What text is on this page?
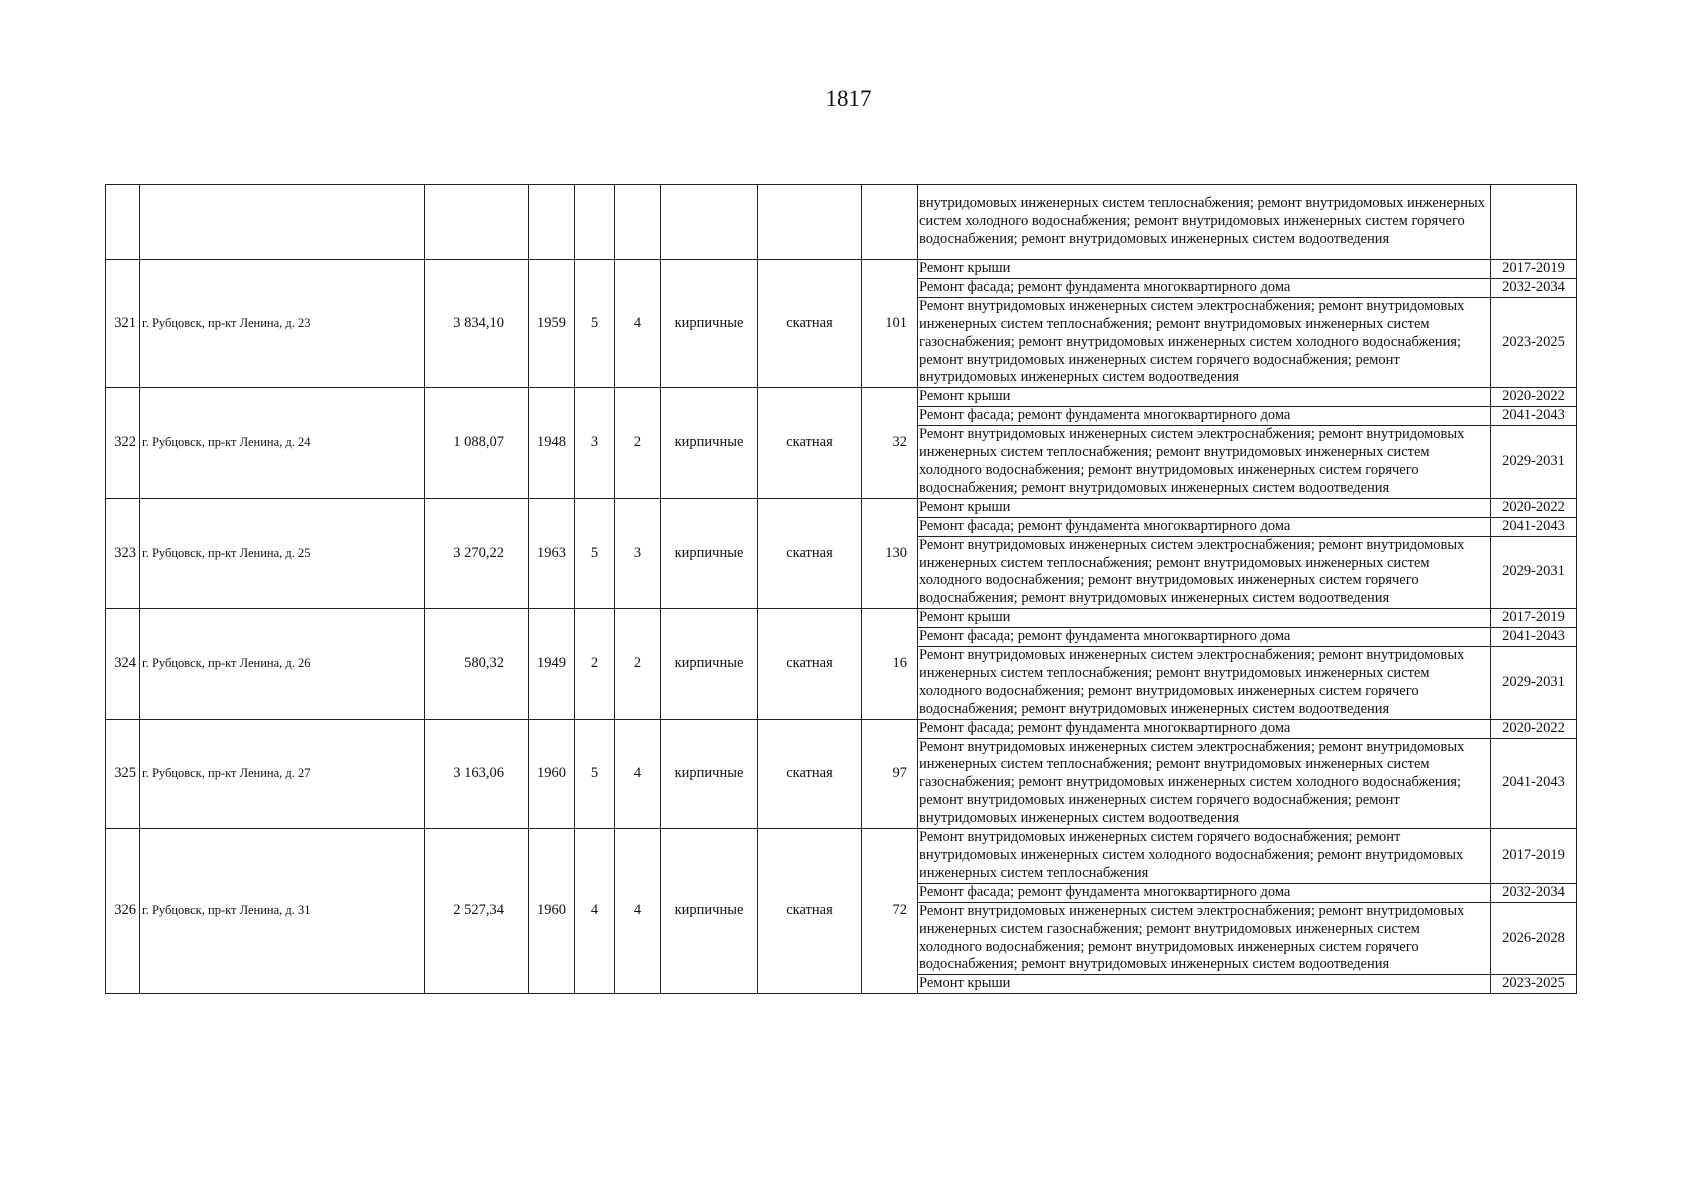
1817
									внутридомовых инженерных систем теплоснабжения; ремонт внутридомовых инженерных систем холодного водоснабжения; ремонт внутридомовых инженерных систем горячего водоснабжения; ремонт внутридомовых инженерных систем водоотведения	
321	г. Рубцовск, пр-кт Ленина, д. 23	3 834,10	1959	5	4	кирпичные	скатная	101	Ремонт крыши	2017-2019
									Ремонт фасада; ремонт фундамента многоквартирного дома	2032-2034
									Ремонт внутридомовых инженерных систем электроснабжения; ремонт внутридомовых инженерных систем теплоснабжения; ремонт внутридомовых инженерных систем газоснабжения; ремонт внутридомовых инженерных систем холодного водоснабжения; ремонт внутридомовых инженерных систем горячего водоснабжения; ремонт внутридомовых инженерных систем водоотведения	2023-2025
322	г. Рубцовск, пр-кт Ленина, д. 24	1 088,07	1948	3	2	кирпичные	скатная	32	Ремонт крыши	2020-2022
									Ремонт фасада; ремонт фундамента многоквартирного дома	2041-2043
									Ремонт внутридомовых инженерных систем электроснабжения; ремонт внутридомовых инженерных систем теплоснабжения; ремонт внутридомовых инженерных систем холодного водоснабжения; ремонт внутридомовых инженерных систем горячего водоснабжения; ремонт внутридомовых инженерных систем водоотведения	2029-2031
323	г. Рубцовск, пр-кт Ленина, д. 25	3 270,22	1963	5	3	кирпичные	скатная	130	Ремонт крыши	2020-2022
									Ремонт фасада; ремонт фундамента многоквартирного дома	2041-2043
									Ремонт внутридомовых инженерных систем электроснабжения; ремонт внутридомовых инженерных систем теплоснабжения; ремонт внутридомовых инженерных систем холодного водоснабжения; ремонт внутридомовых инженерных систем горячего водоснабжения; ремонт внутридомовых инженерных систем водоотведения	2029-2031
324	г. Рубцовск, пр-кт Ленина, д. 26	580,32	1949	2	2	кирпичные	скатная	16	Ремонт крыши	2017-2019
									Ремонт фасада; ремонт фундамента многоквартирного дома	2041-2043
									Ремонт внутридомовых инженерных систем электроснабжения; ремонт внутридомовых инженерных систем теплоснабжения; ремонт внутридомовых инженерных систем холодного водоснабжения; ремонт внутридомовых инженерных систем горячего водоснабжения; ремонт внутридомовых инженерных систем водоотведения	2029-2031
325	г. Рубцовск, пр-кт Ленина, д. 27	3 163,06	1960	5	4	кирпичные	скатная	97	Ремонт фасада; ремонт фундамента многоквартирного дома	2020-2022
									Ремонт внутридомовых инженерных систем электроснабжения; ремонт внутридомовых инженерных систем теплоснабжения; ремонт внутридомовых инженерных систем газоснабжения; ремонт внутридомовых инженерных систем холодного водоснабжения; ремонт внутридомовых инженерных систем горячего водоснабжения; ремонт внутридомовых инженерных систем водоотведения	2041-2043
326	г. Рубцовск, пр-кт Ленина, д. 31	2 527,34	1960	4	4	кирпичные	скатная	72	Ремонт внутридомовых инженерных систем горячего водоснабжения; ремонт внутридомовых инженерных систем холодного водоснабжения; ремонт внутридомовых инженерных систем теплоснабжения	2017-2019
									Ремонт фасада; ремонт фундамента многоквартирного дома	2032-2034
									Ремонт внутридомовых инженерных систем электроснабжения; ремонт внутридомовых инженерных систем газоснабжения; ремонт внутридомовых инженерных систем холодного водоснабжения; ремонт внутридомовых инженерных систем горячего водоснабжения; ремонт внутридомовых инженерных систем водоотведения	2026-2028
									Ремонт крыши	2023-2025
